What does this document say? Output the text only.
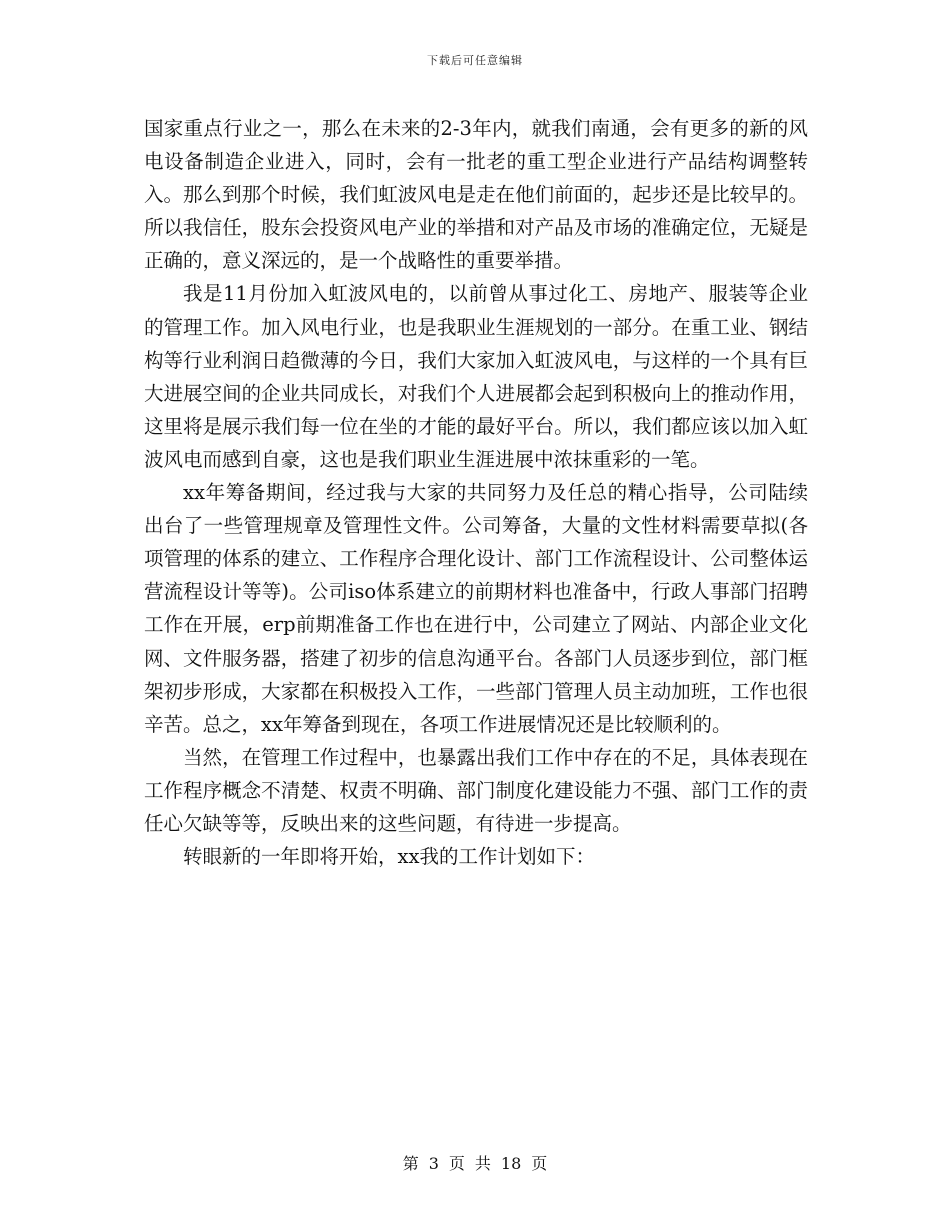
下载后可任意编辑

国家重点行业之一，那么在未来的2-3年内，就我们南通，会有更多的新的风电设备制造企业进入，同时，会有一批老的重工型企业进行产品结构调整转入。那么到那个时候，我们虹波风电是走在他们前面的，起步还是比较早的。所以我信任，股东会投资风电产业的举措和对产品及市场的准确定位，无疑是正确的，意义深远的，是一个战略性的重要举措。

我是11月份加入虹波风电的，以前曾从事过化工、房地产、服装等企业的管理工作。加入风电行业，也是我职业生涯规划的一部分。在重工业、钢结构等行业利润日趋微薄的今日，我们大家加入虹波风电，与这样的一个具有巨大进展空间的企业共同成长，对我们个人进展都会起到积极向上的推动作用，这里将是展示我们每一位在坐的才能的最好平台。所以，我们都应该以加入虹波风电而感到自豪，这也是我们职业生涯进展中浓抹重彩的一笔。

xx年筹备期间，经过我与大家的共同努力及任总的精心指导，公司陆续出台了一些管理规章及管理性文件。公司筹备，大量的文性材料需要草拟(各项管理的体系的建立、工作程序合理化设计、部门工作流程设计、公司整体运营流程设计等等)。公司iso体系建立的前期材料也准备中，行政人事部门招聘工作在开展，erp前期准备工作也在进行中，公司建立了网站、内部企业文化网、文件服务器，搭建了初步的信息沟通平台。各部门人员逐步到位，部门框架初步形成，大家都在积极投入工作，一些部门管理人员主动加班，工作也很辛苦。总之，xx年筹备到现在，各项工作进展情况还是比较顺利的。

当然，在管理工作过程中，也暴露出我们工作中存在的不足，具体表现在工作程序概念不清楚、权责不明确、部门制度化建设能力不强、部门工作的责任心欠缺等等，反映出来的这些问题，有待进一步提高。

转眼新的一年即将开始，xx我的工作计划如下：

第 3 页 共 18 页
